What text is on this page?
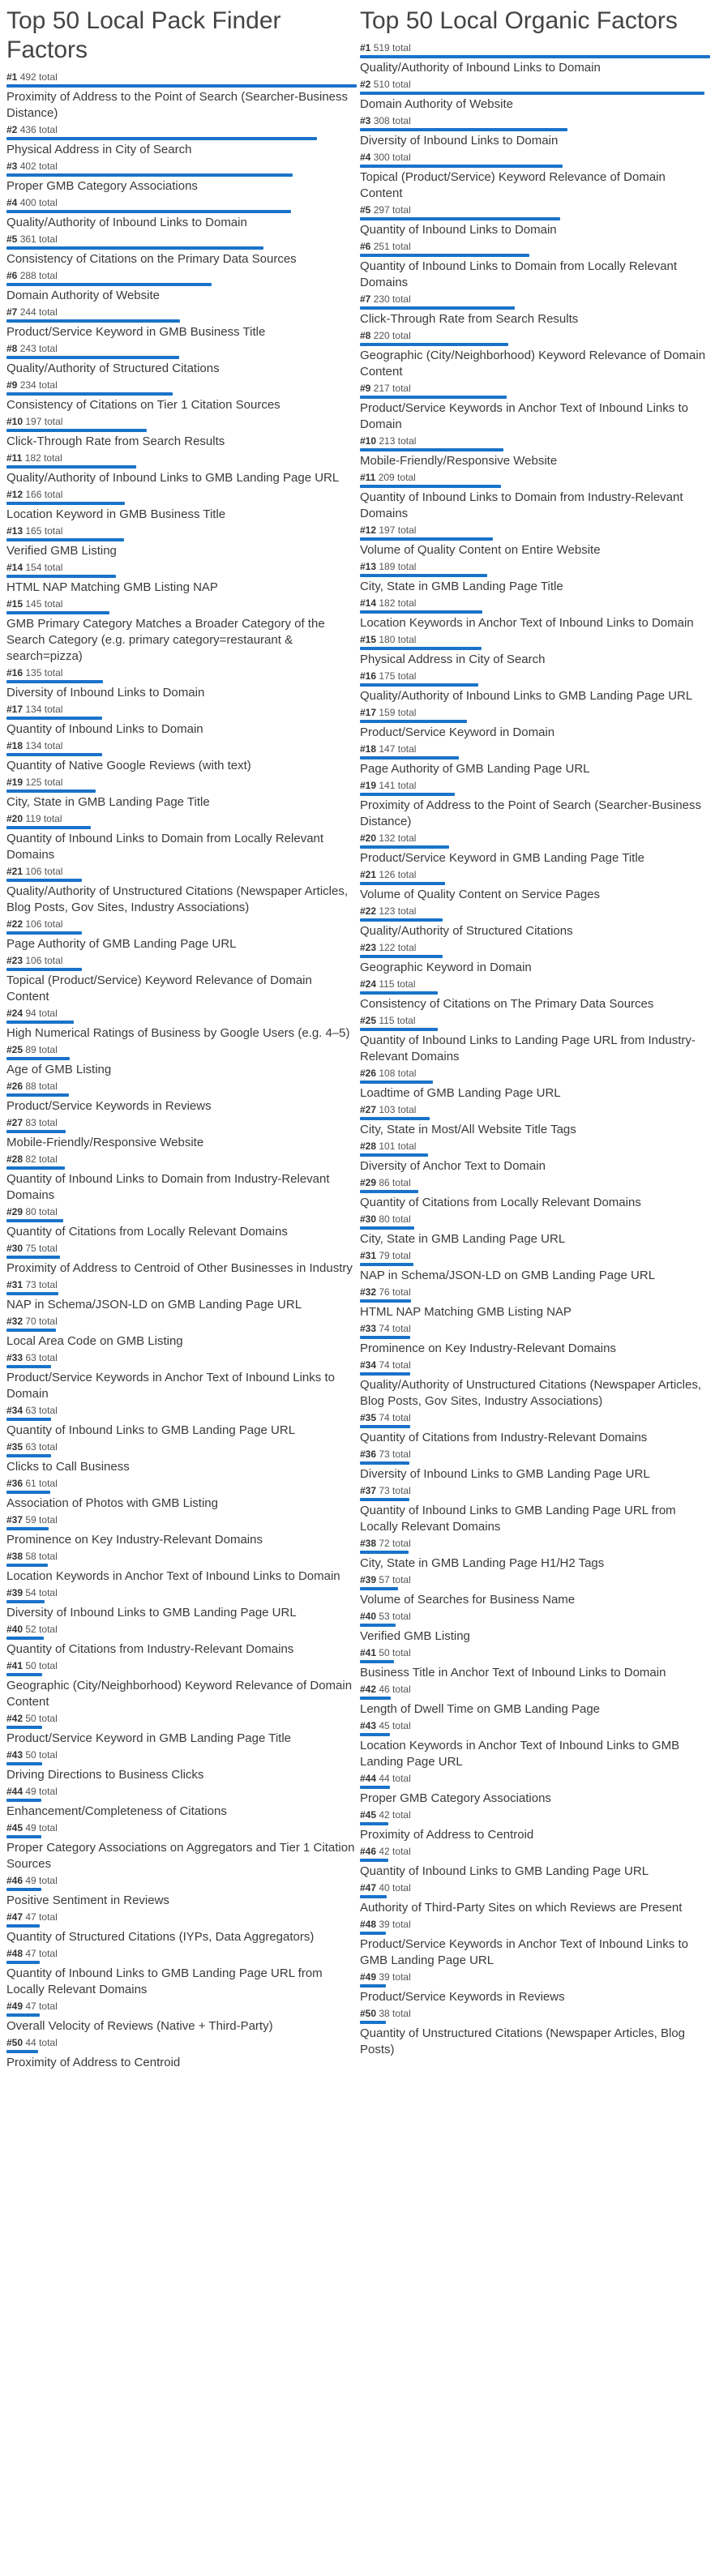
Top 50 Local Pack Finder Factors
#1 492 total
Proximity of Address to the Point of Search (Searcher-Business Distance)
#2 436 total
Physical Address in City of Search
#3 402 total
Proper GMB Category Associations
#4 400 total
Quality/Authority of Inbound Links to Domain
#5 361 total
Consistency of Citations on the Primary Data Sources
#6 288 total
Domain Authority of Website
#7 244 total
Product/Service Keyword in GMB Business Title
#8 243 total
Quality/Authority of Structured Citations
#9 234 total
Consistency of Citations on Tier 1 Citation Sources
#10 197 total
Click-Through Rate from Search Results
#11 182 total
Quality/Authority of Inbound Links to GMB Landing Page URL
#12 166 total
Location Keyword in GMB Business Title
#13 165 total
Verified GMB Listing
#14 154 total
HTML NAP Matching GMB Listing NAP
#15 145 total
GMB Primary Category Matches a Broader Category of the Search Category (e.g. primary category=restaurant & search=pizza)
#16 135 total
Diversity of Inbound Links to Domain
#17 134 total
Quantity of Inbound Links to Domain
#18 134 total
Quantity of Native Google Reviews (with text)
#19 125 total
City, State in GMB Landing Page Title
#20 119 total
Quantity of Inbound Links to Domain from Locally Relevant Domains
#21 106 total
Quality/Authority of Unstructured Citations (Newspaper Articles, Blog Posts, Gov Sites, Industry Associations)
#22 106 total
Page Authority of GMB Landing Page URL
#23 106 total
Topical (Product/Service) Keyword Relevance of Domain Content
#24 94 total
High Numerical Ratings of Business by Google Users (e.g. 4–5)
#25 89 total
Age of GMB Listing
#26 88 total
Product/Service Keywords in Reviews
#27 83 total
Mobile-Friendly/Responsive Website
#28 82 total
Quantity of Inbound Links to Domain from Industry-Relevant Domains
#29 80 total
Quantity of Citations from Locally Relevant Domains
#30 75 total
Proximity of Address to Centroid of Other Businesses in Industry
#31 73 total
NAP in Schema/JSON-LD on GMB Landing Page URL
#32 70 total
Local Area Code on GMB Listing
#33 63 total
Product/Service Keywords in Anchor Text of Inbound Links to Domain
#34 63 total
Quantity of Inbound Links to GMB Landing Page URL
#35 63 total
Clicks to Call Business
#36 61 total
Association of Photos with GMB Listing
#37 59 total
Prominence on Key Industry-Relevant Domains
#38 58 total
Location Keywords in Anchor Text of Inbound Links to Domain
#39 54 total
Diversity of Inbound Links to GMB Landing Page URL
#40 52 total
Quantity of Citations from Industry-Relevant Domains
#41 50 total
Geographic (City/Neighborhood) Keyword Relevance of Domain Content
#42 50 total
Product/Service Keyword in GMB Landing Page Title
#43 50 total
Driving Directions to Business Clicks
#44 49 total
Enhancement/Completeness of Citations
#45 49 total
Proper Category Associations on Aggregators and Tier 1 Citation Sources
#46 49 total
Positive Sentiment in Reviews
#47 47 total
Quantity of Structured Citations (IYPs, Data Aggregators)
#48 47 total
Quantity of Inbound Links to GMB Landing Page URL from Locally Relevant Domains
#49 47 total
Overall Velocity of Reviews (Native + Third-Party)
#50 44 total
Proximity of Address to Centroid
Top 50 Local Organic Factors
#1 519 total
Quality/Authority of Inbound Links to Domain
#2 510 total
Domain Authority of Website
#3 308 total
Diversity of Inbound Links to Domain
#4 300 total
Topical (Product/Service) Keyword Relevance of Domain Content
#5 297 total
Quantity of Inbound Links to Domain
#6 251 total
Quantity of Inbound Links to Domain from Locally Relevant Domains
#7 230 total
Click-Through Rate from Search Results
#8 220 total
Geographic (City/Neighborhood) Keyword Relevance of Domain Content
#9 217 total
Product/Service Keywords in Anchor Text of Inbound Links to Domain
#10 213 total
Mobile-Friendly/Responsive Website
#11 209 total
Quantity of Inbound Links to Domain from Industry-Relevant Domains
#12 197 total
Volume of Quality Content on Entire Website
#13 189 total
City, State in GMB Landing Page Title
#14 182 total
Location Keywords in Anchor Text of Inbound Links to Domain
#15 180 total
Physical Address in City of Search
#16 175 total
Quality/Authority of Inbound Links to GMB Landing Page URL
#17 159 total
Product/Service Keyword in Domain
#18 147 total
Page Authority of GMB Landing Page URL
#19 141 total
Proximity of Address to the Point of Search (Searcher-Business Distance)
#20 132 total
Product/Service Keyword in GMB Landing Page Title
#21 126 total
Volume of Quality Content on Service Pages
#22 123 total
Quality/Authority of Structured Citations
#23 122 total
Geographic Keyword in Domain
#24 115 total
Consistency of Citations on The Primary Data Sources
#25 115 total
Quantity of Inbound Links to Landing Page URL from Industry-Relevant Domains
#26 108 total
Loadtime of GMB Landing Page URL
#27 103 total
City, State in Most/All Website Title Tags
#28 101 total
Diversity of Anchor Text to Domain
#29 86 total
Quantity of Citations from Locally Relevant Domains
#30 80 total
City, State in GMB Landing Page URL
#31 79 total
NAP in Schema/JSON-LD on GMB Landing Page URL
#32 76 total
HTML NAP Matching GMB Listing NAP
#33 74 total
Prominence on Key Industry-Relevant Domains
#34 74 total
Quality/Authority of Unstructured Citations (Newspaper Articles, Blog Posts, Gov Sites, Industry Associations)
#35 74 total
Quantity of Citations from Industry-Relevant Domains
#36 73 total
Diversity of Inbound Links to GMB Landing Page URL
#37 73 total
Quantity of Inbound Links to GMB Landing Page URL from Locally Relevant Domains
#38 72 total
City, State in GMB Landing Page H1/H2 Tags
#39 57 total
Volume of Searches for Business Name
#40 53 total
Verified GMB Listing
#41 50 total
Business Title in Anchor Text of Inbound Links to Domain
#42 46 total
Length of Dwell Time on GMB Landing Page
#43 45 total
Location Keywords in Anchor Text of Inbound Links to GMB Landing Page URL
#44 44 total
Proper GMB Category Associations
#45 42 total
Proximity of Address to Centroid
#46 42 total
Quantity of Inbound Links to GMB Landing Page URL
#47 40 total
Authority of Third-Party Sites on which Reviews are Present
#48 39 total
Product/Service Keywords in Anchor Text of Inbound Links to GMB Landing Page URL
#49 39 total
Product/Service Keywords in Reviews
#50 38 total
Quantity of Unstructured Citations (Newspaper Articles, Blog Posts)
